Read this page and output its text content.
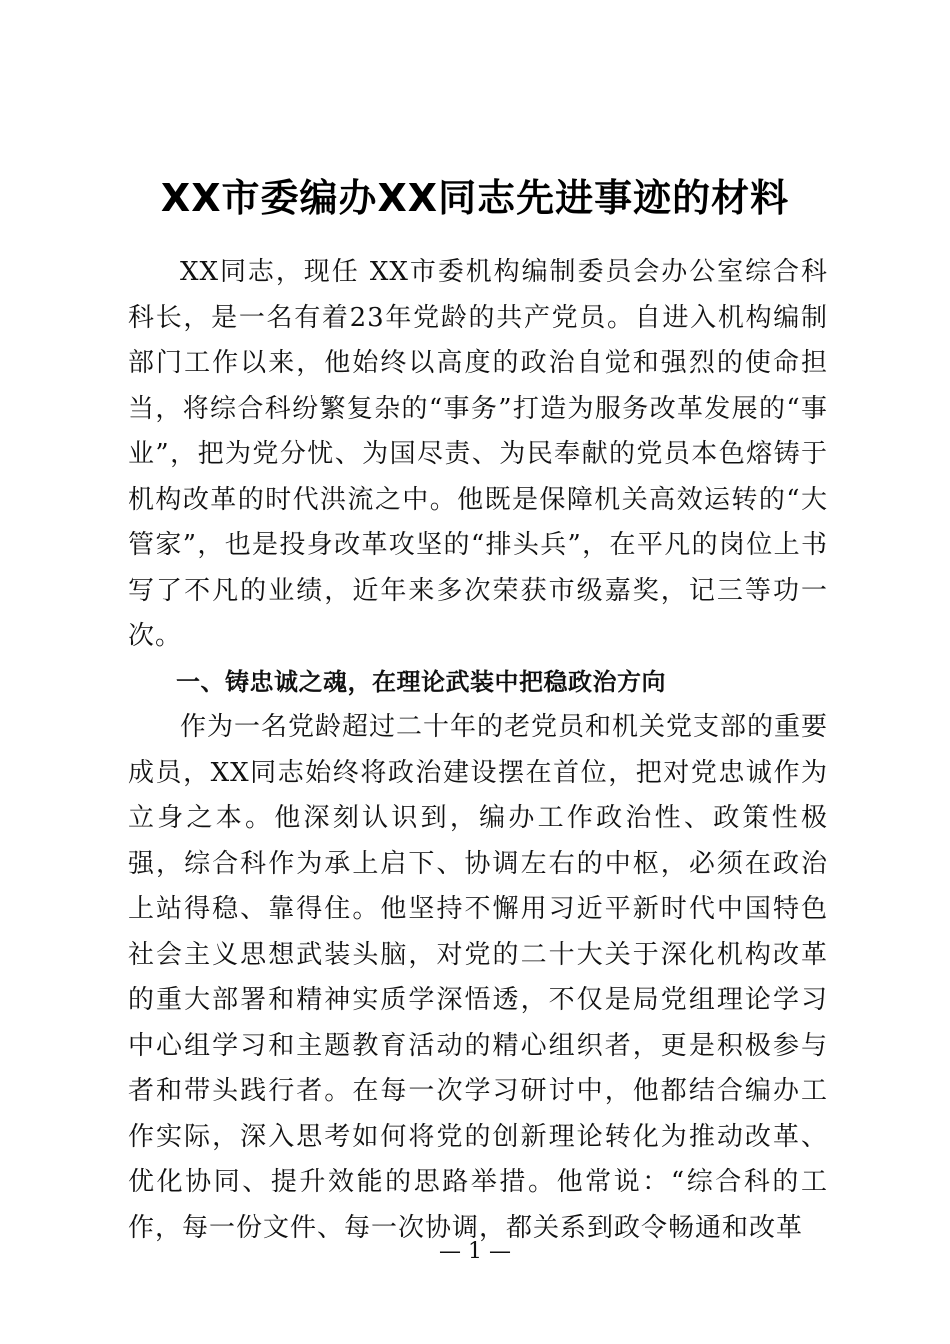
XX市委编办XX同志先进事迹的材料

XX同志，现任 XX市委机构编制委员会办公室综合科科长，是一名有着23年党龄的共产党员。自进入机构编制部门工作以来，他始终以高度的政治自觉和强烈的使命担当，将综合科纷繁复杂的“事务”打造为服务改革发展的“事业”，把为党分忧、为国尽责、为民奉献的党员本色熔铸于机构改革的时代洪流之中。他既是保障机关高效运转的“大管家”，也是投身改革攻坚的“排头兵”，在平凡的岗位上书写了不凡的业绩，近年来多次荣获市级嘉奖，记三等功一次。

一、铸忠诚之魂，在理论武装中把稳政治方向

作为一名党龄超过二十年的老党员和机关党支部的重要成员，XX同志始终将政治建设摆在首位，把对党忠诚作为立身之本。他深刻认识到，编办工作政治性、政策性极强，综合科作为承上启下、协调左右的中枢，必须在政治上站得稳、靠得住。他坚持不懈用习近平新时代中国特色社会主义思想武装头脑，对党的二十大关于深化机构改革的重大部署和精神实质学深悟透，不仅是局党组理论学习中心组学习和主题教育活动的精心组织者，更是积极参与者和带头践行者。在每一次学习研讨中，他都结合编办工作实际，深入思考如何将党的创新理论转化为推动改革、优化协同、提升效能的思路举措。他常说：“综合科的工作，每一份文件、每一次协调，都关系到政令畅通和改革

— 1 —
